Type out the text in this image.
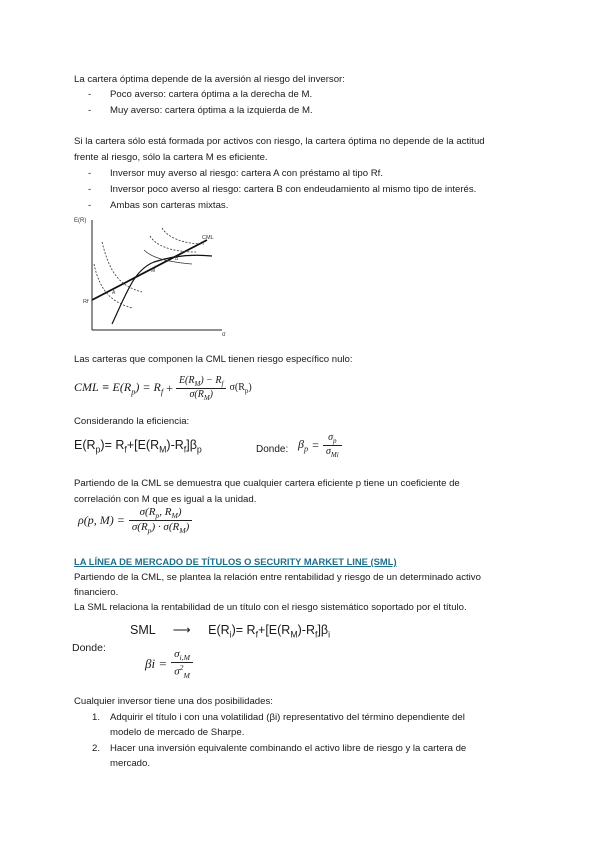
La cartera óptima depende de la aversión al riesgo del inversor:
- Poco averso: cartera óptima a la derecha de M.
- Muy averso: cartera óptima a la izquierda de M.
Si la cartera sólo está formada por activos con riesgo, la cartera óptima no depende de la actitud
frente al riesgo, sólo la cartera M es eficiente.
- Inversor muy averso al riesgo: cartera A con préstamo al tipo Rf.
- Inversor poco averso al riesgo: cartera B con endeudamiento al mismo tipo de interés.
- Ambas son carteras mixtas.
E(R)
σ
CML
Rf
A
M
B
Las carteras que componen la CML tienen riesgo específico nulo:
CML ≡ $E(R_p) = R_f + \frac{E(R_M) - R_f}{\sigma(R_M)} \sigma(R_p)$
Considerando la eficiencia:
$E(R_p)= R_f+[E(R_M)-R_f]\beta_p$	Donde: $\beta_p = \frac{\sigma_p}{\sigma_{Mi}}$
Partiendo de la CML se demuestra que cualquier cartera eficiente p tiene un coeficiente de
correlación con M que es igual a la unidad.
ρ(p, $M) = \frac{\sigma(R_p, R_M)}{\sigma(R_p) \cdot \sigma(R_M)}$
LA LÍNEA DE MERCADO DE TÍTULOS O SECURITY MARKET LINE (SML)
Partiendo de la CML, se plantea la relación entre rentabilidad y riesgo de un determinado activo
financiero.
La SML relaciona la rentabilidad de un título con el riesgo sistemático soportado por el título.
SML ⟶ $E(R_i)= R_f+[E(R_M)-R_f]\beta_i$
Donde:
$\beta i = \frac{\sigma_{i,M}}{\sigma^2_M}$
Cualquier inversor tiene una dos posibilidades:
1. Adquirir el título i con una volatilidad (βi) representativo del término dependiente del
modelo de mercado de Sharpe.
2. Hacer una inversión equivalente combinando el activo libre de riesgo y la cartera de
mercado.
